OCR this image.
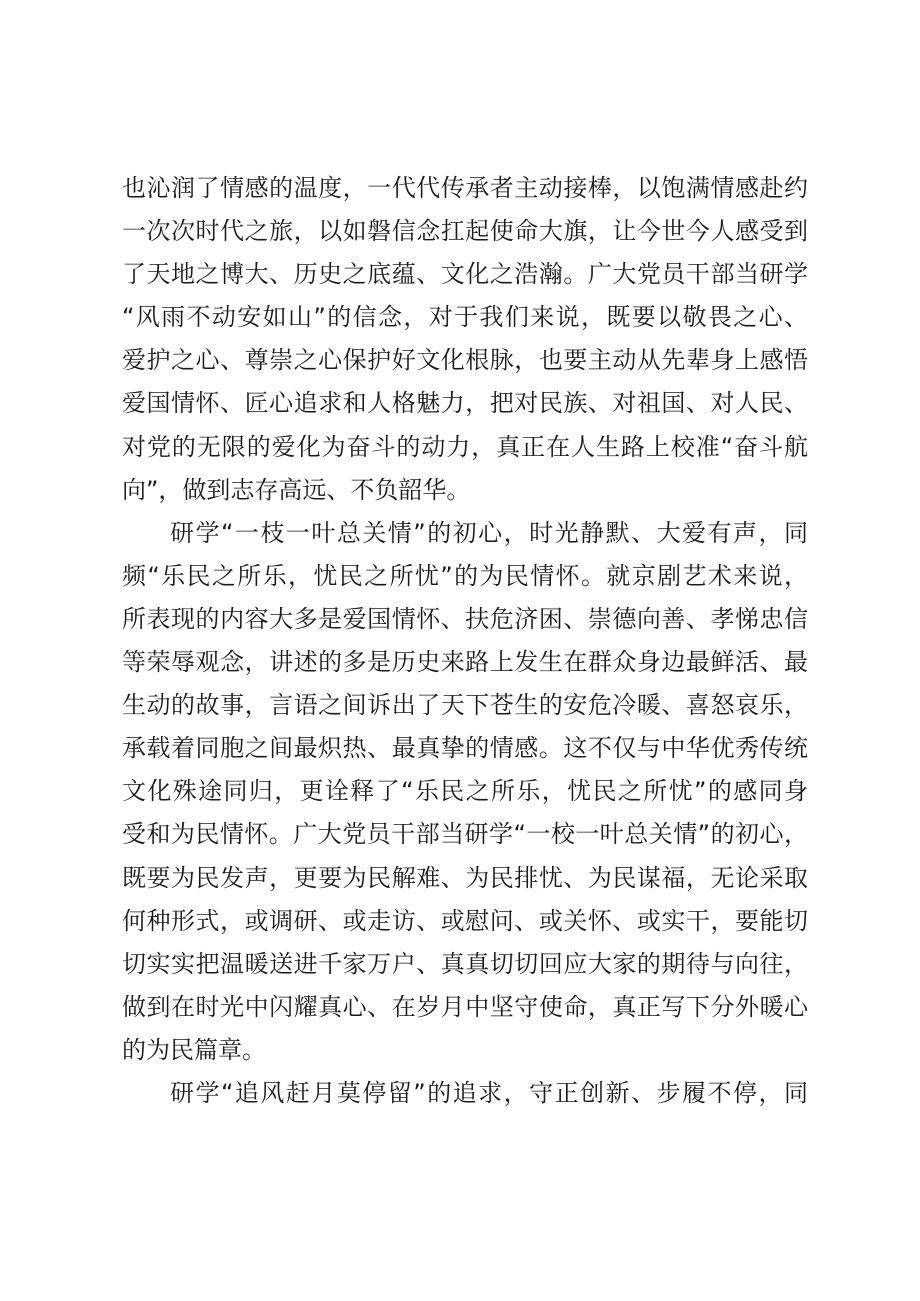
也沁润了情感的温度，一代代传承者主动接棒，以饱满情感赴约
一次次时代之旅，以如磐信念扛起使命大旗，让今世今人感受到
了天地之博大、历史之底蕴、文化之浩瀚。广大党员干部当研学
“风雨不动安如山”的信念，对于我们来说，既要以敬畏之心、
爱护之心、尊崇之心保护好文化根脉，也要主动从先辈身上感悟
爱国情怀、匠心追求和人格魅力，把对民族、对祖国、对人民、
对党的无限的爱化为奋斗的动力，真正在人生路上校准“奋斗航
向”，做到志存高远、不负韶华。
研学“一枝一叶总关情”的初心，时光静默、大爱有声，同
频“乐民之所乐，忧民之所忧”的为民情怀。就京剧艺术来说，
所表现的内容大多是爱国情怀、扶危济困、崇德向善、孝悌忠信
等荣辱观念，讲述的多是历史来路上发生在群众身边最鲜活、最
生动的故事，言语之间诉出了天下苍生的安危冷暖、喜怒哀乐，
承载着同胞之间最炽热、最真挚的情感。这不仅与中华优秀传统
文化殊途同归，更诠释了“乐民之所乐，忧民之所忧”的感同身
受和为民情怀。广大党员干部当研学“一校一叶总关情”的初心，
既要为民发声，更要为民解难、为民排忧、为民谋福，无论采取
何种形式，或调研、或走访、或慰问、或关怀、或实干，要能切
切实实把温暖送进千家万户、真真切切回应大家的期待与向往，
做到在时光中闪耀真心、在岁月中坚守使命，真正写下分外暖心
的为民篇章。
研学“追风赶月莫停留”的追求，守正创新、步履不停，同
